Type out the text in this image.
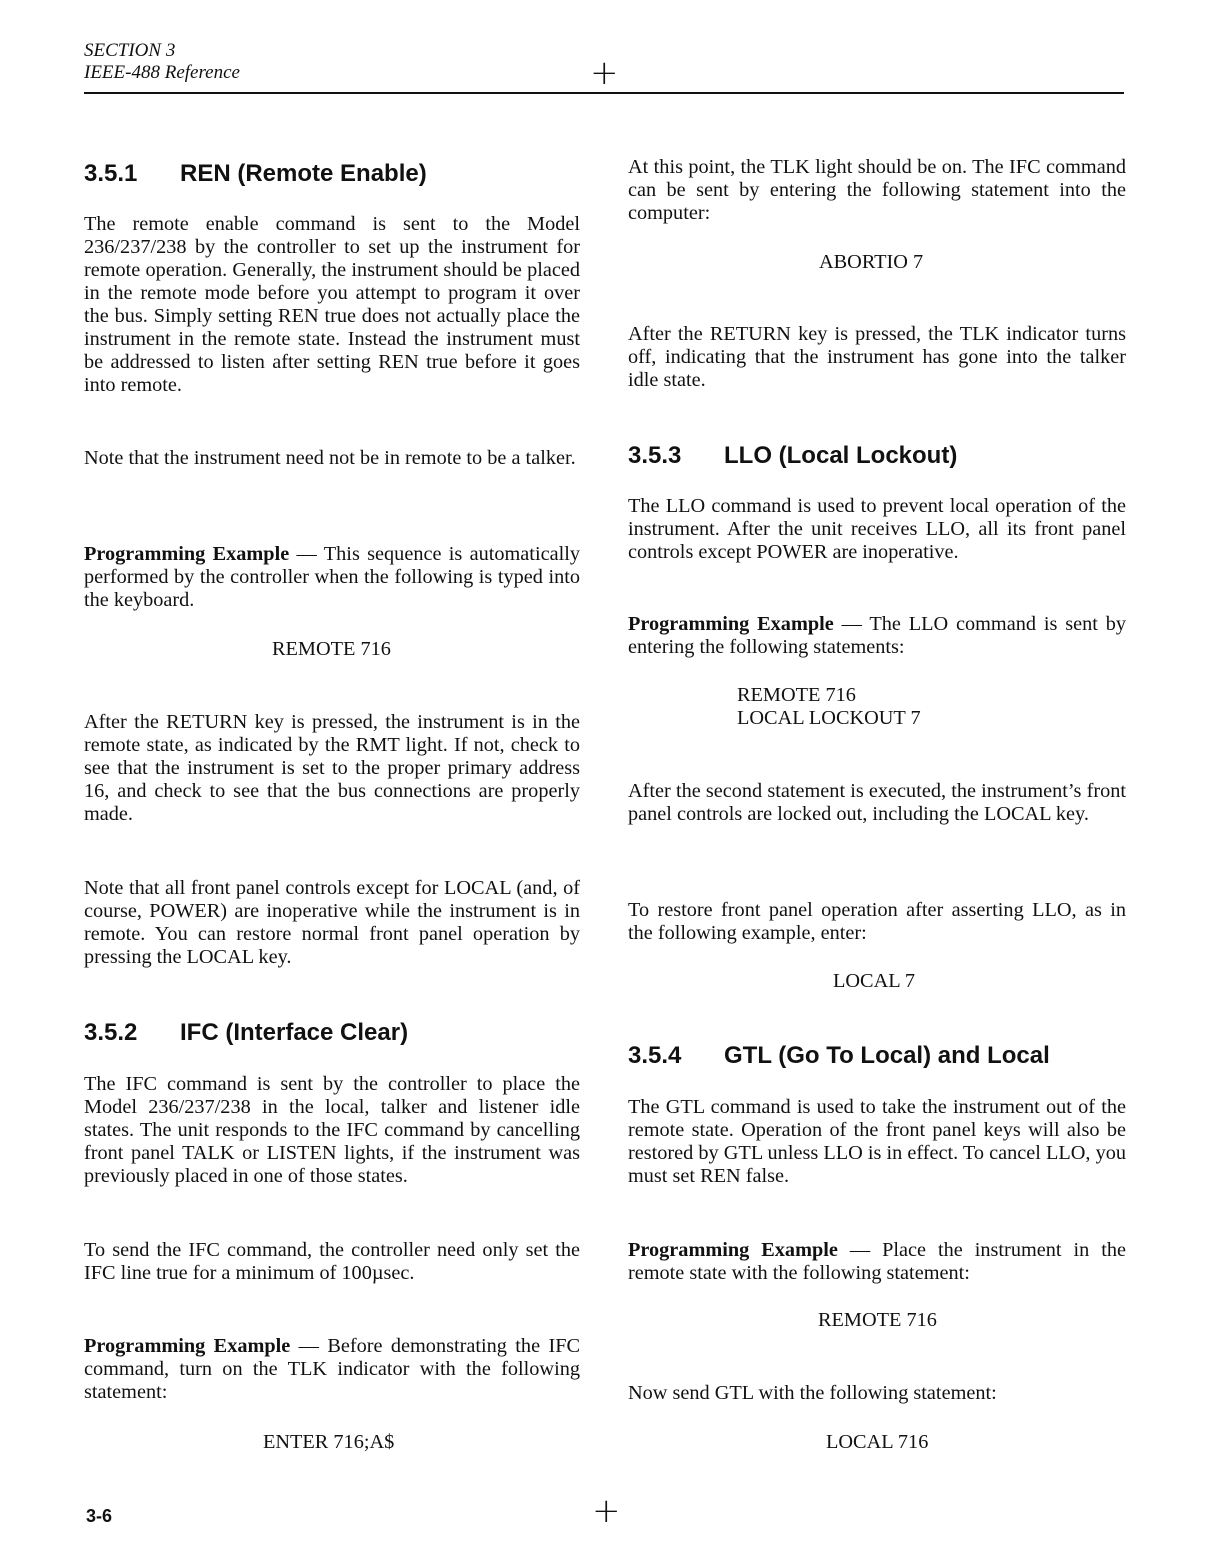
SECTION 3
IEEE-488 Reference	+
3.5.1 REN (Remote Enable)

The remote enable command is sent to the Model 236/237/238 by the controller to set up the instrument for remote operation. Generally, the instrument should be placed in the remote mode before you attempt to program it over the bus. Simply setting REN true does not actually place the instrument in the remote state. Instead the instrument must be addressed to listen after setting REN true before it goes into remote.

Note that the instrument need not be in remote to be a talker.

Programming Example — This sequence is automatically performed by the controller when the following is typed into the keyboard.

REMOTE 716

After the RETURN key is pressed, the instrument is in the remote state, as indicated by the RMT light. If not, check to see that the instrument is set to the proper primary address 16, and check to see that the bus connections are properly made.

Note that all front panel controls except for LOCAL (and, of course, POWER) are inoperative while the instrument is in remote. You can restore normal front panel operation by pressing the LOCAL key.

3.5.2 IFC (Interface Clear)

The IFC command is sent by the controller to place the Model 236/237/238 in the local, talker and listener idle states. The unit responds to the IFC command by cancelling front panel TALK or LISTEN lights, if the instrument was previously placed in one of those states.

To send the IFC command, the controller need only set the IFC line true for a minimum of 100µsec.

Programming Example — Before demonstrating the IFC command, turn on the TLK indicator with the following statement:

ENTER 716;A$

At this point, the TLK light should be on. The IFC command can be sent by entering the following statement into the computer:

ABORTIO 7

After the RETURN key is pressed, the TLK indicator turns off, indicating that the instrument has gone into the talker idle state.

3.5.3 LLO (Local Lockout)

The LLO command is used to prevent local operation of the instrument. After the unit receives LLO, all its front panel controls except POWER are inoperative.

Programming Example — The LLO command is sent by entering the following statements:

REMOTE 716
LOCAL LOCKOUT 7

After the second statement is executed, the instrument’s front panel controls are locked out, including the LOCAL key.

To restore front panel operation after asserting LLO, as in the following example, enter:

LOCAL 7
3.5.4 GTL (Go To Local) and Local

The GTL command is used to take the instrument out of the remote state. Operation of the front panel keys will also be restored by GTL unless LLO is in effect. To cancel LLO, you must set REN false.

Programming Example — Place the instrument in the remote state with the following statement:

REMOTE 716

Now send GTL with the following statement:

LOCAL 716
3-6	+
